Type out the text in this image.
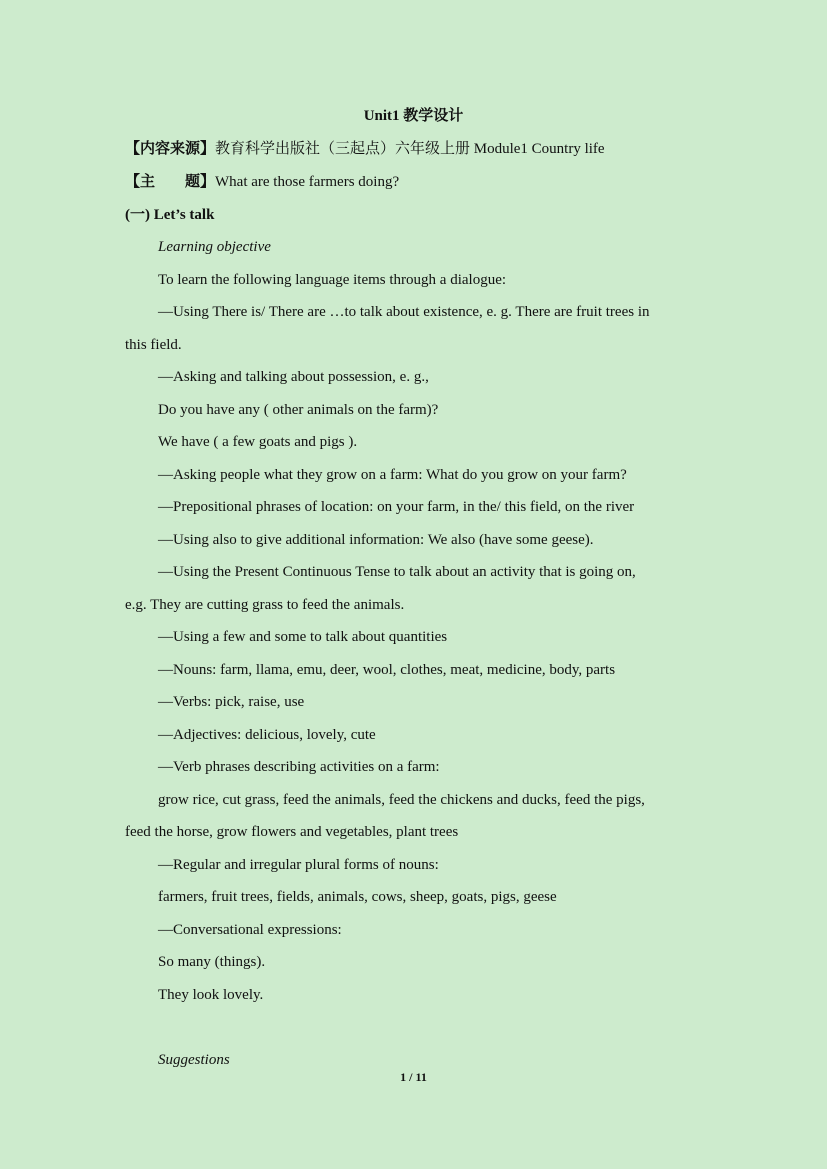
Unit1 教学设计
【内容来源】教育科学出版社（三起点）六年级上册 Module1 Country life
【主　　题】What are those farmers doing?
(一) Let’s talk
Learning objective
To learn the following language items through a dialogue:
—Using There is/ There are …to talk about existence, e. g. There are fruit trees in
this field.
—Asking and talking about possession, e. g.,
Do you have any ( other animals on the farm)?
We have ( a few goats and pigs ).
—Asking people what they grow on a farm: What do you grow on your farm?
—Prepositional phrases of location: on your farm, in the/ this field, on the river
—Using also to give additional information: We also (have some geese).
—Using the Present Continuous Tense to talk about an activity that is going on,
e.g. They are cutting grass to feed the animals.
—Using a few and some to talk about quantities
—Nouns: farm, llama, emu, deer, wool, clothes, meat, medicine, body, parts
—Verbs: pick, raise, use
—Adjectives: delicious, lovely, cute
—Verb phrases describing activities on a farm:
grow rice, cut grass, feed the animals, feed the chickens and ducks, feed the pigs,
feed the horse, grow flowers and vegetables, plant trees
—Regular and irregular plural forms of nouns:
farmers, fruit trees, fields, animals, cows, sheep, goats, pigs, geese
—Conversational expressions:
So many (things).
They look lovely.
Suggestions
1 / 11
